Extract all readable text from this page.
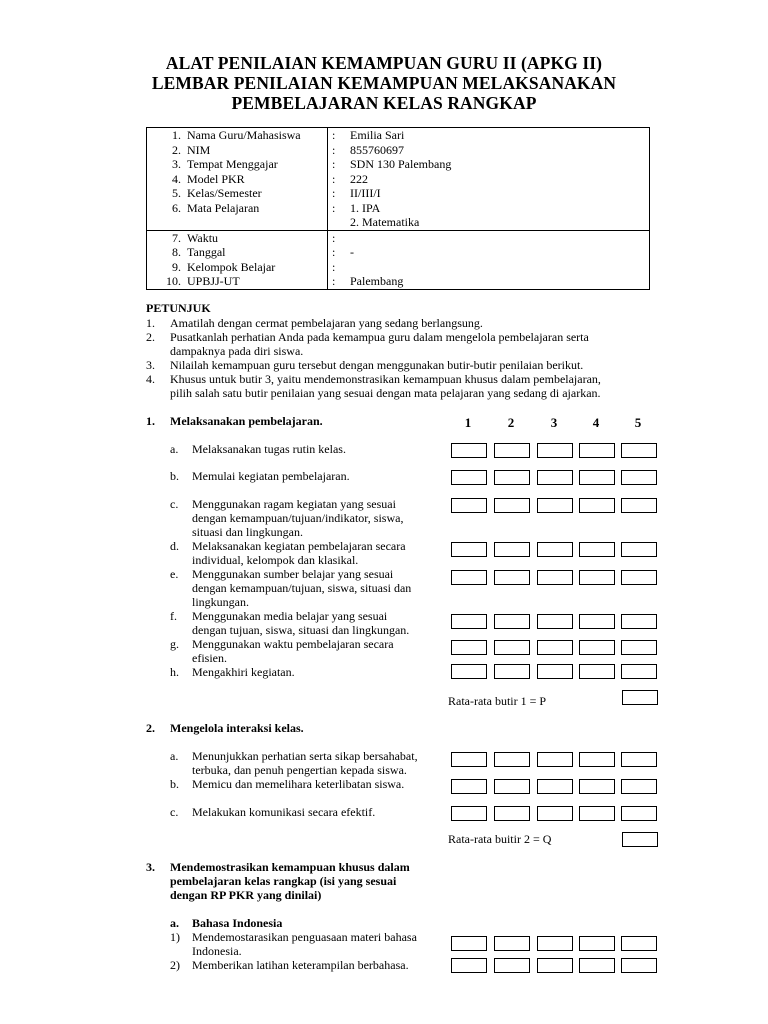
ALAT PENILAIAN KEMAMPUAN GURU II (APKG II)
LEMBAR PENILAIAN KEMAMPUAN MELAKSANAKAN
PEMBELAJARAN KELAS RANGKAP
1.	Nama Guru/Mahasiswa	:	Emilia Sari
2.	NIM	:	855760697
3.	Tempat Menggajar	:	SDN 130 Palembang
4.	Model PKR	:	222
5.	Kelas/Semester	:	II/III/I
6.	Mata Pelajaran	:	1. IPA
			2. Matematika
7.	Waktu	:	
8.	Tanggal	:	-
9.	Kelompok Belajar	:	
10.	UPBJJ-UT	:	Palembang
PETUNJUK
1. Amatilah dengan cermat pembelajaran yang sedang berlangsung.
2. Pusatkanlah perhatian Anda pada kemampua guru dalam mengelola pembelajaran serta
dampaknya pada diri siswa.
3. Nilailah kemampuan guru tersebut dengan menggunakan butir-butir penilaian berikut.
4. Khusus untuk butir 3, yaitu mendemonstrasikan kemampuan khusus dalam pembelajaran,
pilih salah satu butir penilaian yang sesuai dengan mata pelajaran yang sedang di ajarkan.
1. Melaksanakan pembelajaran.	1	2	3	4	5
a. Melaksanakan tugas rutin kelas.
b. Memulai kegiatan pembelajaran.
c. Menggunakan ragam kegiatan yang sesuai
dengan kemampuan/tujuan/indikator, siswa,
situasi dan lingkungan.
d. Melaksanakan kegiatan pembelajaran secara
individual, kelompok dan klasikal.
e. Menggunakan sumber belajar yang sesuai
dengan kemampuan/tujuan, siswa, situasi dan
lingkungan.
f. Menggunakan media belajar yang sesuai
dengan tujuan, siswa, situasi dan lingkungan.
g. Menggunakan waktu pembelajaran secara
efisien.
h. Mengakhiri kegiatan.
Rata-rata butir 1 = P
2. Mengelola interaksi kelas.
a. Menunjukkan perhatian serta sikap bersahabat,
terbuka, dan penuh pengertian kepada siswa.
b. Memicu dan memelihara keterlibatan siswa.
c. Melakukan komunikasi secara efektif.
Rata-rata buitir 2 = Q
3. Mendemostrasikan kemampuan khusus dalam
pembelajaran kelas rangkap (isi yang sesuai
dengan RP PKR yang dinilai)
a. Bahasa Indonesia
1) Mendemostarasikan penguasaan materi bahasa
Indonesia.
2) Memberikan latihan keterampilan berbahasa.
